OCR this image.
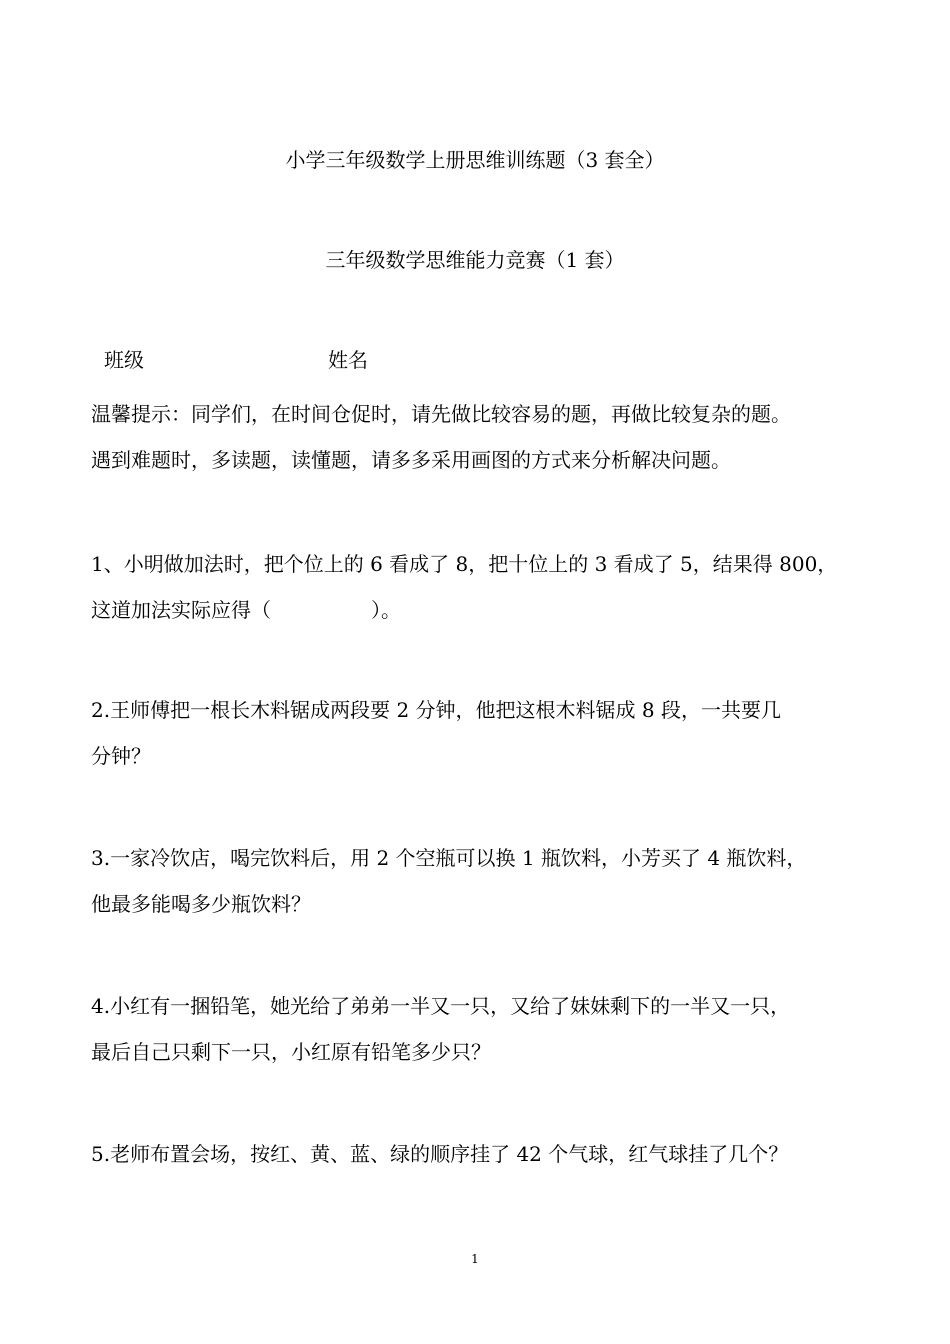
小学三年级数学上册思维训练题（3 套全）
三年级数学思维能力竞赛（1 套）
班级	姓名
温馨提示：同学们，在时间仓促时，请先做比较容易的题，再做比较复杂的题。
遇到难题时，多读题，读懂题，请多多采用画图的方式来分析解决问题。
1、小明做加法时，把个位上的 6 看成了 8，把十位上的 3 看成了 5，结果得 800，
这道加法实际应得（　　　　　）。
2.王师傅把一根长木料锯成两段要 2 分钟，他把这根木料锯成 8 段，一共要几
分钟？
3.一家冷饮店，喝完饮料后，用 2 个空瓶可以换 1 瓶饮料，小芳买了 4 瓶饮料，
他最多能喝多少瓶饮料？
4.小红有一捆铅笔，她光给了弟弟一半又一只，又给了妹妹剩下的一半又一只，
最后自己只剩下一只，小红原有铅笔多少只？
5.老师布置会场，按红、黄、蓝、绿的顺序挂了 42 个气球，红气球挂了几个？
1
